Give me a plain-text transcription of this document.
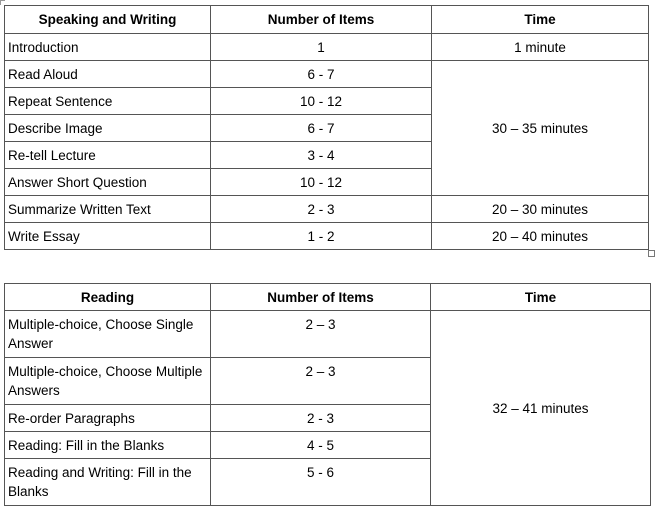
Speaking and Writing	Number of Items	Time
Introduction	1	1 minute
Read Aloud	6 - 7	30 – 35 minutes
Repeat Sentence	10 - 12	
Describe Image	6 - 7	
Re-tell Lecture	3 - 4	
Answer Short Question	10 - 12	
Summarize Written Text	2 - 3	20 – 30 minutes
Write Essay	1 - 2	20 – 40 minutes
Reading	Number of Items	Time
Multiple-choice, Choose Single Answer	2 – 3	32 – 41 minutes
Multiple-choice, Choose Multiple Answers	2 – 3	
Re-order Paragraphs	2 - 3	
Reading: Fill in the Blanks	4 - 5	
Reading and Writing: Fill in the Blanks	5 - 6	
